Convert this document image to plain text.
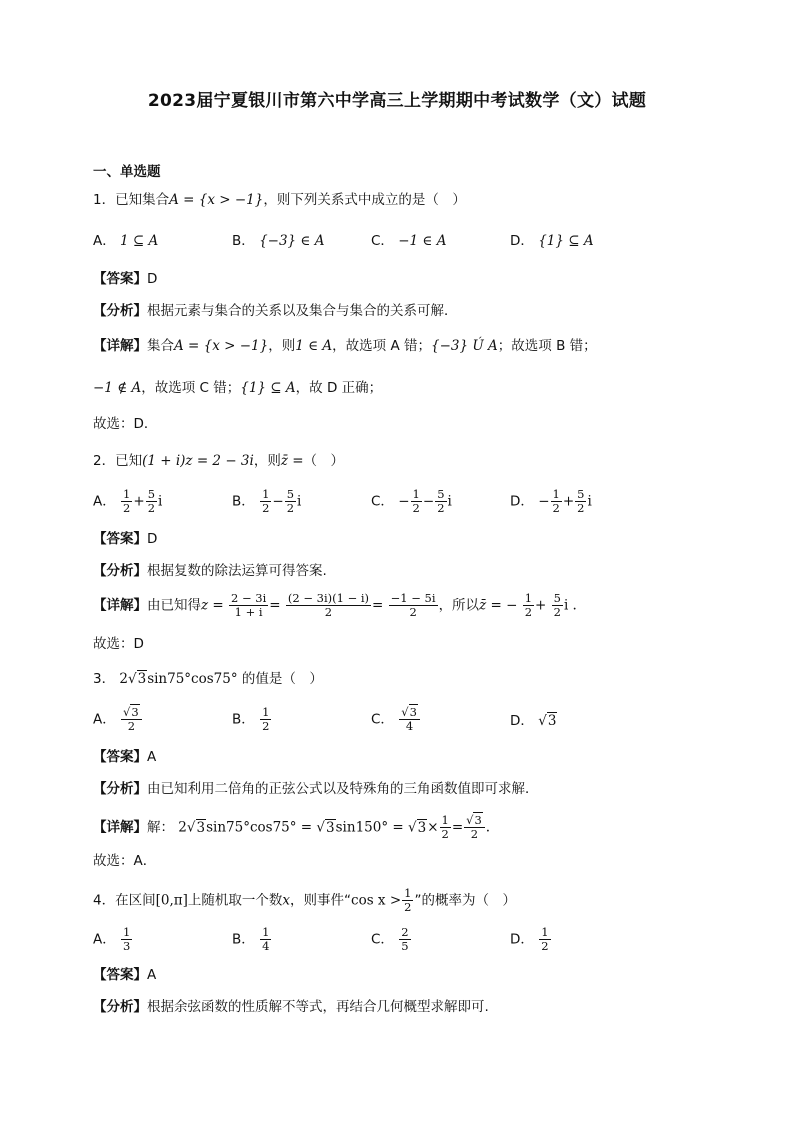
2023届宁夏银川市第六中学高三上学期期中考试数学（文）试题
一、单选题
1．已知集合A = {x > −1}，则下列关系式中成立的是（　）
A． 1 ⊆ A	B． {−3} ∈ A	C． −1 ∈ A	D． {1} ⊆ A
【答案】D
【分析】根据元素与集合的关系以及集合与集合的关系可解．
【详解】集合A = {x > −1}，则1 ∈ A，故选项 A 错；{−3} Ú A；故选项 B 错；
−1 ∉ A，故选项 C 错；{1} ⊆ A，故 D 正确；
故选：D．
2．已知(1 + i)z = 2 − 3i，则z̄ =（　）
A． $\frac{1}{2} + \frac{5}{2}$ i	B． $\frac{1}{2} - \frac{5}{2}$ i	C． − $\frac{1}{2} - \frac{5}{2}$ i	D． − $\frac{1}{2} + \frac{5}{2}$ i
【答案】D
【分析】根据复数的除法运算可得答案.
【详解】由已知得$z = \frac{2 - 3i}{1 + i} = \frac{(2 - 3i)(1 - i)}{2} = \frac{-1 - 5i}{2}$ ，所以z̄ = − $\frac{1}{2} + \frac{5}{2}$ i .
故选：D
3． 2√3sin75°cos75° 的值是（　）
A． $\frac{√3}{2}$	B． $\frac{1}{2}$	C． $\frac{√3}{4}$	D． √3
【答案】A
【分析】由已知利用二倍角的正弦公式以及特殊角的三角函数值即可求解．
【详解】解： $2√3\sin 75^\circ\cos 75^\circ = √3\sin 150^\circ = √3\times \frac{1}{2} = \frac{√3}{2}$ .
故选：A．
4．在区间[0,π]上随机取一个数x，则事件“cos $x > \frac{1}{2}$ ”的概率为（　）
A． $\frac{1}{3}$	B． $\frac{1}{4}$	C． $\frac{2}{5}$	D． $\frac{1}{2}$
【答案】A
【分析】根据余弦函数的性质解不等式，再结合几何概型求解即可.
